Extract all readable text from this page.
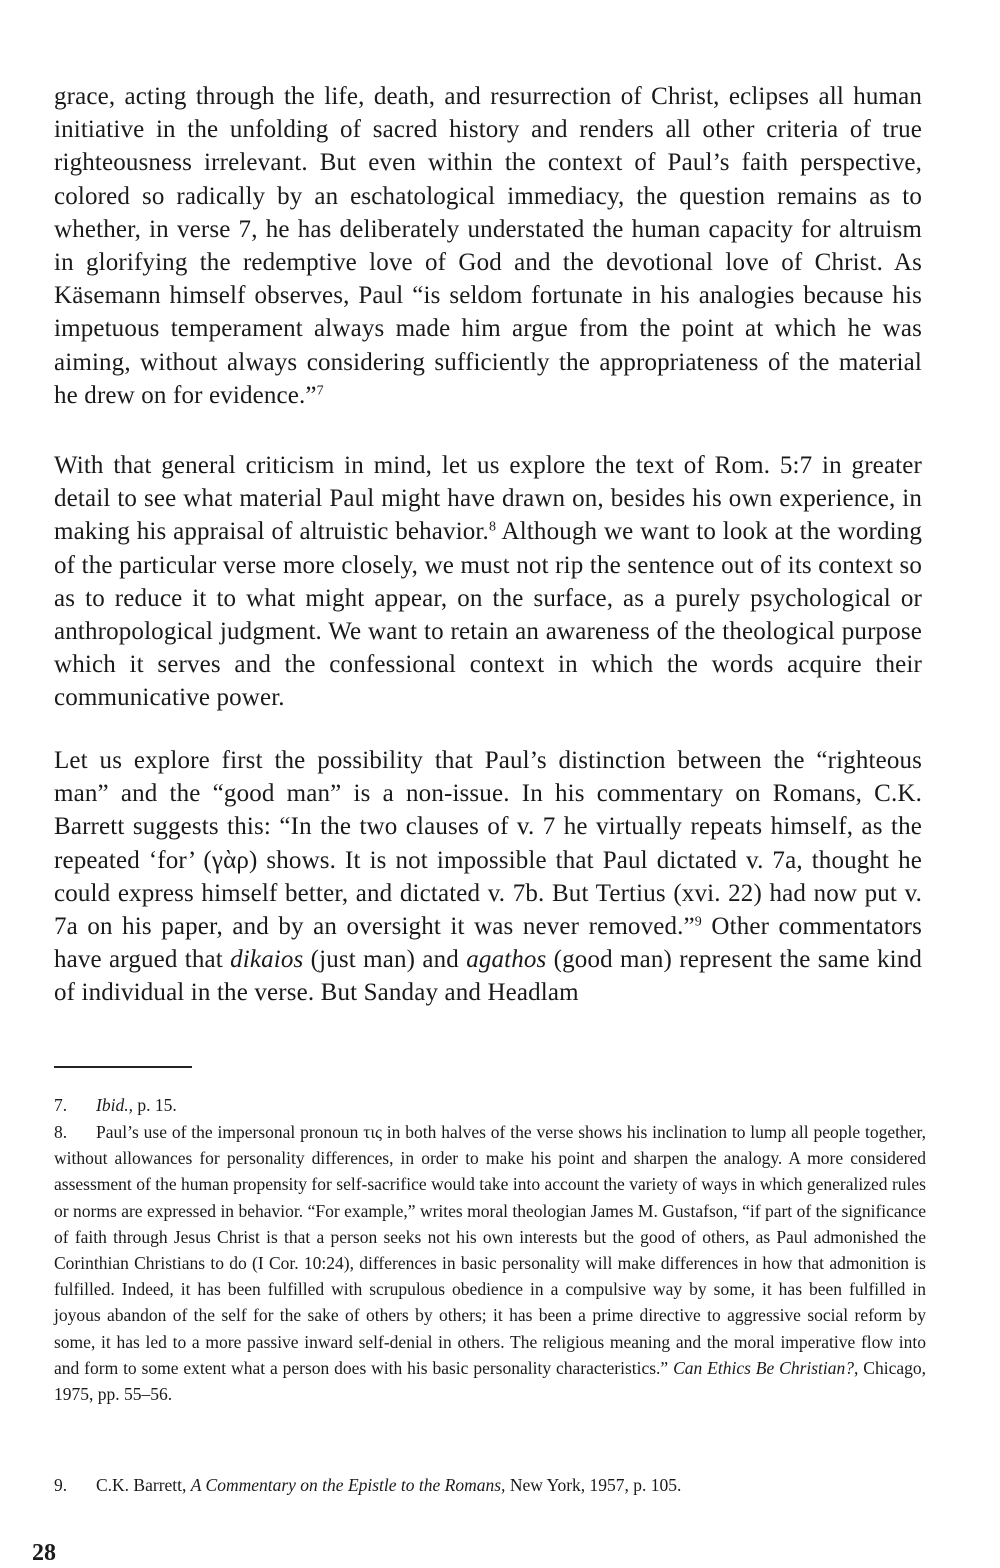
grace, acting through the life, death, and resurrection of Christ, eclipses all human initiative in the unfolding of sacred history and renders all other criteria of true righteousness irrelevant. But even within the context of Paul’s faith perspective, colored so radically by an eschatological immediacy, the question remains as to whether, in verse 7, he has deliberately understated the human capacity for altruism in glorifying the redemptive love of God and the devotional love of Christ. As Käsemann himself observes, Paul “is seldom fortunate in his analogies because his impetuous temperament always made him argue from the point at which he was aiming, without always considering sufficiently the appropriateness of the material he drew on for evidence.”$^7$

With that general criticism in mind, let us explore the text of Rom. 5:7 in greater detail to see what material Paul might have drawn on, besides his own experience, in making his appraisal of altruistic behavior.$^8$ Although we want to look at the wording of the particular verse more closely, we must not rip the sentence out of its context so as to reduce it to what might appear, on the surface, as a purely psychological or anthropological judgment. We want to retain an awareness of the theological purpose which it serves and the confessional context in which the words acquire their communicative power.

Let us explore first the possibility that Paul’s distinction between the “righteous man” and the “good man” is a non-issue. In his commentary on Romans, C.K. Barrett suggests this: “In the two clauses of v. 7 he virtually repeats himself, as the repeated ‘for’ (γὰρ) shows. It is not impossible that Paul dictated v. 7a, thought he could express himself better, and dictated v. 7b. But Tertius (xvi. 22) had now put v. 7a on his paper, and by an oversight it was never removed.”$^9$ Other commentators have argued that dikaios (just man) and agathos (good man) represent the same kind of individual in the verse. But Sanday and Headlam

7. Ibid., p. 15.

8. Paul’s use of the impersonal pronoun τις in both halves of the verse shows his inclination to lump all people together, without allowances for personality differences, in order to make his point and sharpen the analogy. A more considered assessment of the human propensity for self-sacrifice would take into account the variety of ways in which generalized rules or norms are expressed in behavior. “For example,” writes moral theologian James M. Gustafson, “if part of the significance of faith through Jesus Christ is that a person seeks not his own interests but the good of others, as Paul admonished the Corinthian Christians to do (I Cor. 10:24), differences in basic personality will make differences in how that admonition is fulfilled. Indeed, it has been fulfilled with scrupulous obedience in a compulsive way by some, it has been fulfilled in joyous abandon of the self for the sake of others by others; it has been a prime directive to aggressive social reform by some, it has led to a more passive inward self-denial in others. The religious meaning and the moral imperative flow into and form to some extent what a person does with his basic personality characteristics.” Can Ethics Be Christian?, Chicago, 1975, pp. 55–56.

9. C.K. Barrett, A Commentary on the Epistle to the Romans, New York, 1957, p. 105.

28
